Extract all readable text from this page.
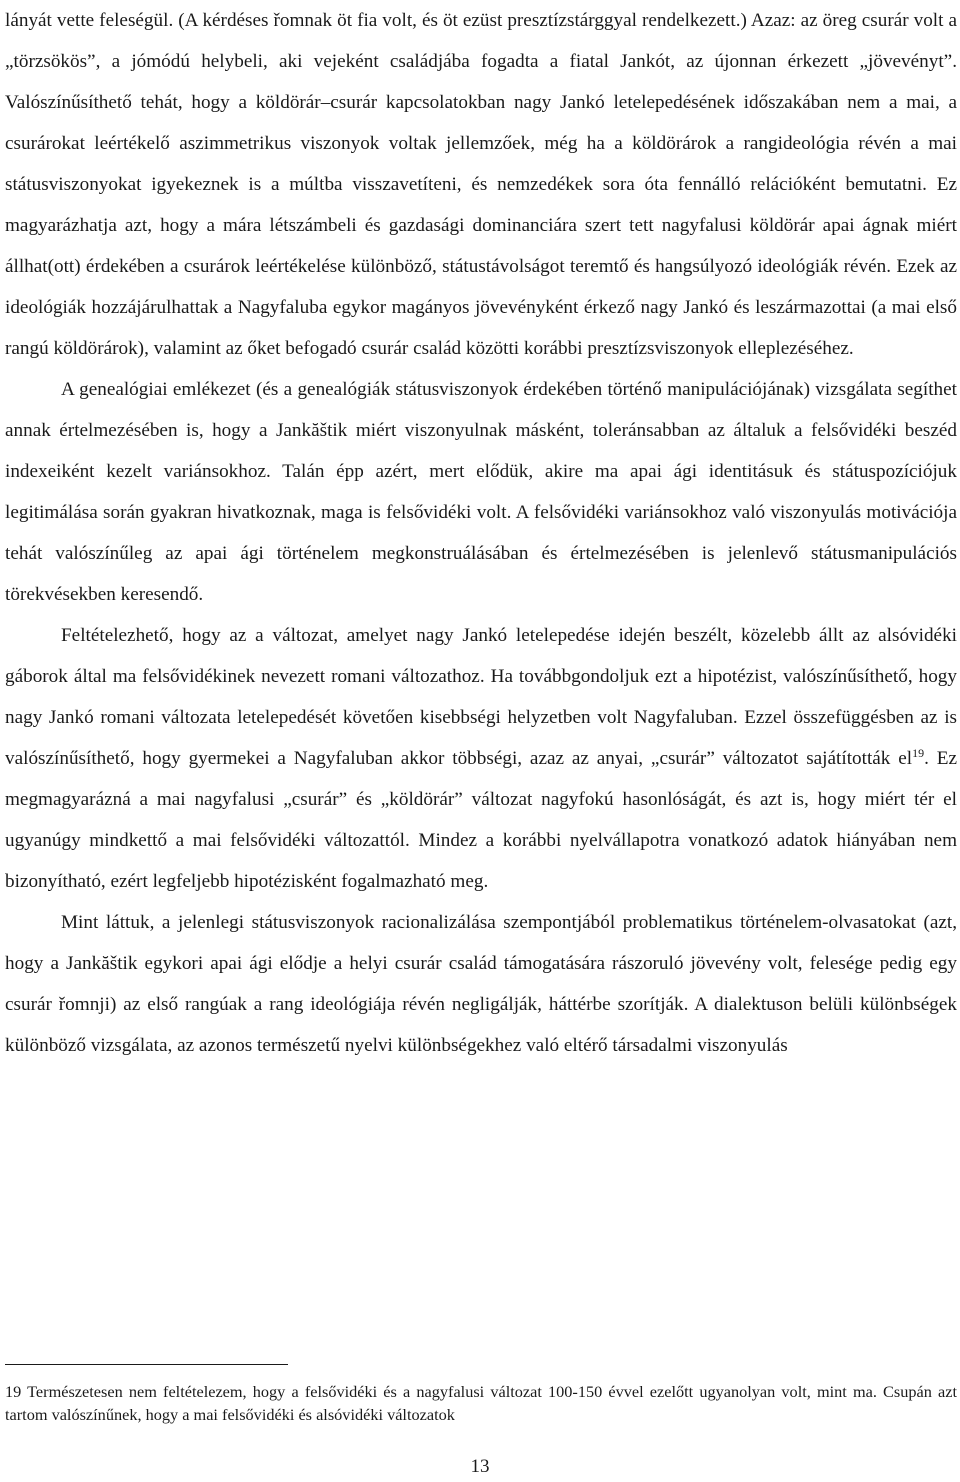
lányát vette feleségül. (A kérdéses řomnak öt fia volt, és öt ezüst presztízstárggyal rendelkezett.) Azaz: az öreg csurár volt a „törzsökös”, a jómódú helybeli, aki vejeként családjába fogadta a fiatal Jankót, az újonnan érkezett „jövevényt”. Valószínűsíthető tehát, hogy a köldörár–csurár kapcsolatokban nagy Jankó letelepedésének időszakában nem a mai, a csurárokat leértékelő aszimmetrikus viszonyok voltak jellemzőek, még ha a köldörárok a rangideológia révén a mai státusviszonyokat igyekeznek is a múltba visszavetíteni, és nemzedékek sora óta fennálló relációként bemutatni. Ez magyarázhatja azt, hogy a mára létszámbeli és gazdasági dominanciára szert tett nagyfalusi köldörár apai ágnak miért állhat(ott) érdekében a csurárok leértékelése különböző, státustávolságot teremtő és hangsúlyozó ideológiák révén. Ezek az ideológiák hozzájárulhattak a Nagyfaluba egykor magányos jövevényként érkező nagy Jankó és leszármazottai (a mai első rangú köldörárok), valamint az őket befogadó csurár család közötti korábbi presztízsviszonyok elleplezéséhez.

A genealógiai emlékezet (és a genealógiák státusviszonyok érdekében történő manipulációjának) vizsgálata segíthet annak értelmezésében is, hogy a Jankăštik miért viszonyulnak másként, toleránsabban az általuk a felsővidéki beszéd indexeiként kezelt variánsokhoz. Talán épp azért, mert elődük, akire ma apai ági identitásuk és státuspozíciójuk legitimálása során gyakran hivatkoznak, maga is felsővidéki volt. A felsővidéki variánsokhoz való viszonyulás motivációja tehát valószínűleg az apai ági történelem megkonstruálásában és értelmezésében is jelenlevő státusmanipulációs törekvésekben keresendő.

Feltételezhető, hogy az a változat, amelyet nagy Jankó letelepedése idején beszélt, közelebb állt az alsóvidéki gáborok által ma felsővidékinek nevezett romani változathoz. Ha továbbgondoljuk ezt a hipotézist, valószínűsíthető, hogy nagy Jankó romani változata letelepedését követően kisebbségi helyzetben volt Nagyfaluban. Ezzel összefüggésben az is valószínűsíthető, hogy gyermekei a Nagyfaluban akkor többségi, azaz az anyai, „csurár” változatot sajátították el$^{19}$. Ez megmagyarázná a mai nagyfalusi „csurár” és „köldörár” változat nagyfokú hasonlóságát, és azt is, hogy miért tér el ugyanúgy mindkettő a mai felsővidéki változattól. Mindez a korábbi nyelvállapotra vonatkozó adatok hiányában nem bizonyítható, ezért legfeljebb hipotézisként fogalmazható meg.

Mint láttuk, a jelenlegi státusviszonyok racionalizálása szempontjából problematikus történelem-olvasatokat (azt, hogy a Jankăštik egykori apai ági elődje a helyi csurár család támogatására rászoruló jövevény volt, felesége pedig egy csurár řomnji) az első rangúak a rang ideológiája révén negligálják, háttérbe szorítják. A dialektuson belüli különbségek különböző vizsgálata, az azonos természetű nyelvi különbségekhez való eltérő társadalmi viszonyulás

19 Természetesen nem feltételezem, hogy a felsővidéki és a nagyfalusi változat 100-150 évvel ezelőtt ugyanolyan volt, mint ma. Csupán azt tartom valószínűnek, hogy a mai felsővidéki és alsóvidéki változatok

13
